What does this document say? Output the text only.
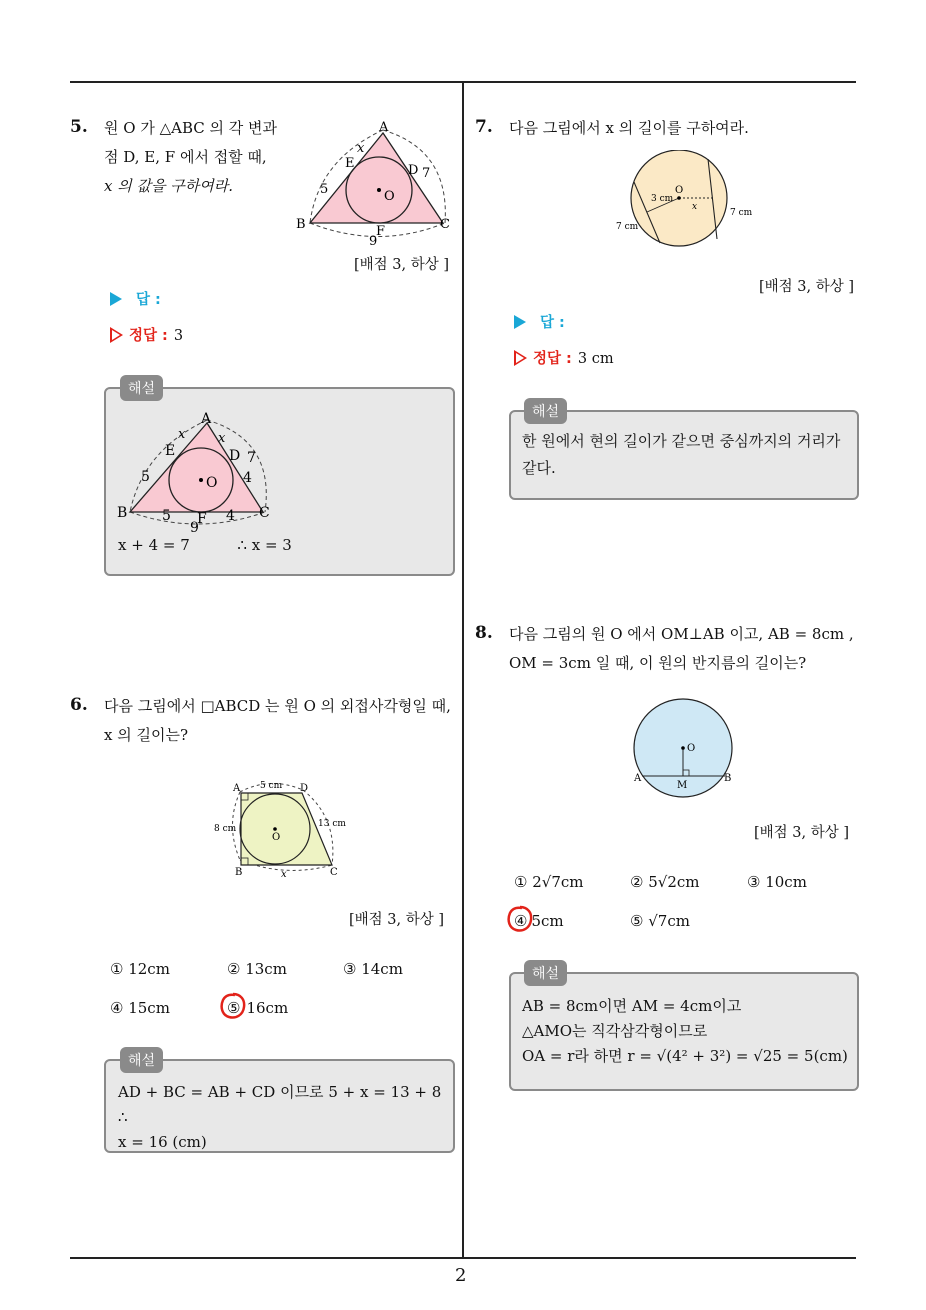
2
5. 원 O 가 △ABC 의 각 변과
점 D, E, F 에서 접할 때,
x 의 값을 구하여라.
A
B	C
D
E
F
O
x
5
7
9
[배점 3, 하상 ]
답 :
정답 : 3
해설
A
B	C
D
E
F
O
x	x
5
7
4
5	4
9
x + 4 = 7          ∴ x = 3
6. 다음 그림에서 □ABCD 는 원 O 의 외접사각형일 때,
x 의 길이는?
A	D
B	C
O
5 cm
8 cm	13 cm
x
[배점 3, 하상 ]
① 12cm	② 13cm	③ 14cm
④ 15cm	⑤ 16cm
해설
AD + BC = AB + CD 이므로 5 + x = 13 + 8 ∴
x = 16 (cm)
7. 다음 그림에서 x 의 길이를 구하여라.
O
3 cm
x
7 cm
7 cm
[배점 3, 하상 ]
답 :
정답 : 3 cm
해설
한 원에서 현의 길이가 같으면 중심까지의 거리가
같다.
8. 다음 그림의 원 O 에서 OM⊥AB 이고, AB = 8cm ,
OM = 3cm 일 때, 이 원의 반지름의 길이는?
O
A	B
M
[배점 3, 하상 ]
① 2√7cm	② 5√2cm	③ 10cm
④ 5cm	⑤ √7cm
해설
AB = 8cm이면 AM = 4cm이고
△AMO는 직각삼각형이므로
OA = r라 하면 r = √(4² + 3²) = √25 = 5(cm)
